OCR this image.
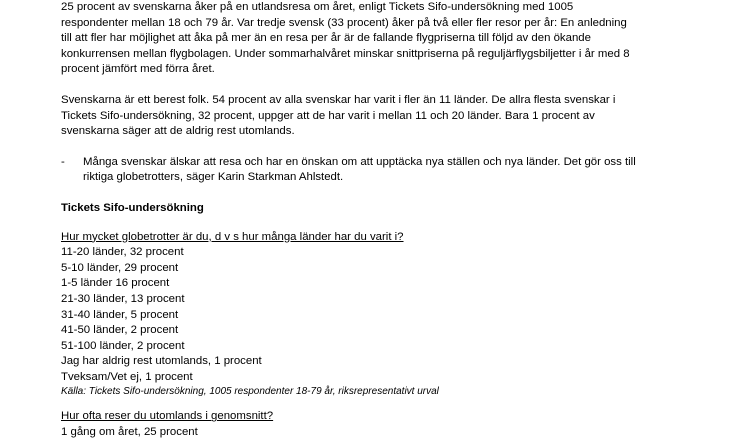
25 procent av svenskarna åker på en utlandsresa om året, enligt Tickets Sifo-undersökning med 1005
respondenter mellan 18 och 79 år. Var tredje svensk (33 procent) åker på två eller fler resor per år: En anledning
till att fler har möjlighet att åka på mer än en resa per år är de fallande flygpriserna till följd av den ökande
konkurrensen mellan flygbolagen. Under sommarhalvåret minskar snittpriserna på reguljärflygsbiljetter i år med 8
procent jämfört med förra året.
Svenskarna är ett berest folk. 54 procent av alla svenskar har varit i fler än 11 länder. De allra flesta svenskar i
Tickets Sifo-undersökning, 32 procent, uppger att de har varit i mellan 11 och 20 länder. Bara 1 procent av
svenskarna säger att de aldrig rest utomlands.
- Många svenskar älskar att resa och har en önskan om att upptäcka nya ställen och nya länder. Det gör oss till
riktiga globetrotters, säger Karin Starkman Ahlstedt.
Tickets Sifo-undersökning
Hur mycket globetrotter är du, d v s hur många länder har du varit i?
11-20 länder, 32 procent
5-10 länder, 29 procent
1-5 länder 16 procent
21-30 länder, 13 procent
31-40 länder, 5 procent
41-50 länder, 2 procent
51-100 länder, 2 procent
Jag har aldrig rest utomlands, 1 procent
Tveksam/Vet ej, 1 procent
Källa: Tickets Sifo-undersökning, 1005 respondenter 18-79 år, riksrepresentativt urval
Hur ofta reser du utomlands i genomsnitt?
1 gång om året, 25 procent
